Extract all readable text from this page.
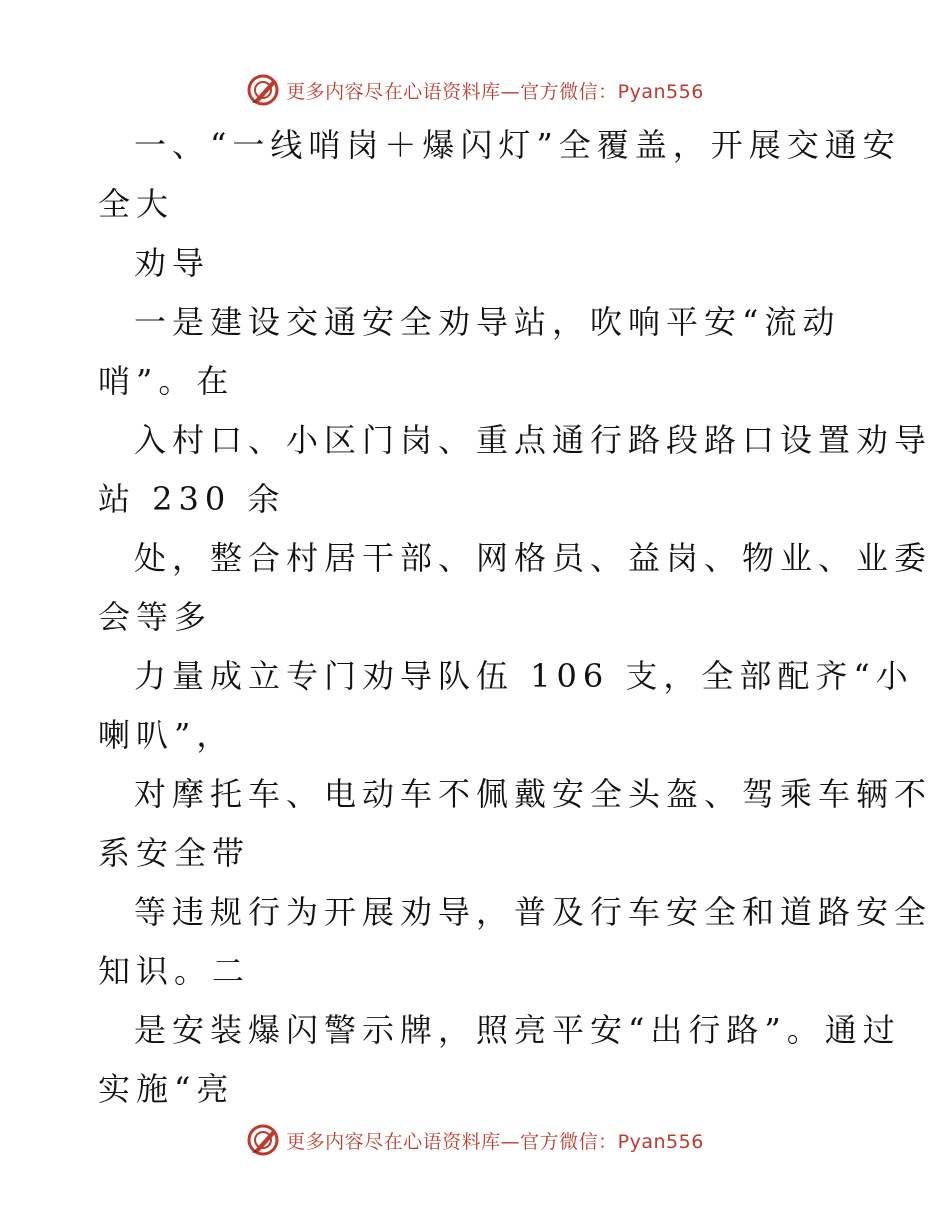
更多内容尽在心语资料库—官方微信：Pyan556
一、“一线哨岗＋爆闪灯”全覆盖，开展交通安
全大
劝导
一是建设交通安全劝导站，吹响平安“流动
哨”。在
入村口、小区门岗、重点通行路段路口设置劝导
站 230 余
处，整合村居干部、网格员、益岗、物业、业委
会等多
力量成立专门劝导队伍 106 支，全部配齐“小
喇叭”，
对摩托车、电动车不佩戴安全头盔、驾乘车辆不
系安全带
等违规行为开展劝导，普及行车安全和道路安全
知识。二
是安装爆闪警示牌，照亮平安“出行路”。通过
实施“亮
更多内容尽在心语资料库—官方微信：Pyan556
